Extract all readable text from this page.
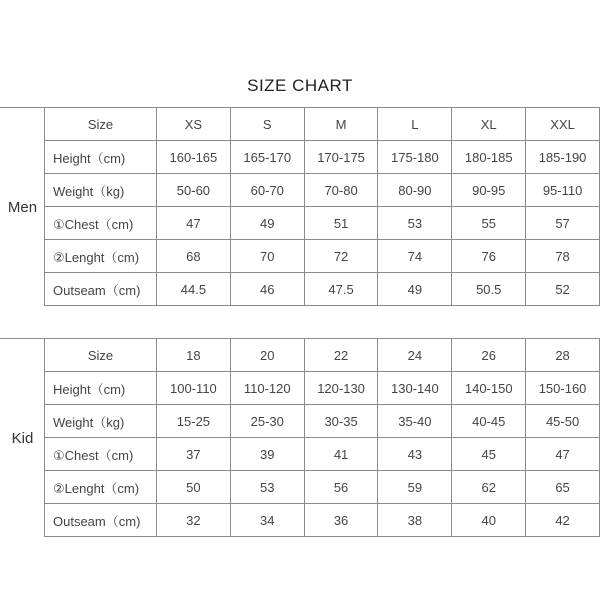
SIZE CHART
Men
Size	XS	S	M	L	XL	XXL
Height（cm)	160-165	165-170	170-175	175-180	180-185	185-190
Weight（kg)	50-60	60-70	70-80	80-90	90-95	95-110
①Chest（cm)	47	49	51	53	55	57
②Lenght（cm)	68	70	72	74	76	78
Outseam（cm)	44.5	46	47.5	49	50.5	52
Kid
Size	18	20	22	24	26	28
Height（cm)	100-110	110-120	120-130	130-140	140-150	150-160
Weight（kg)	15-25	25-30	30-35	35-40	40-45	45-50
①Chest（cm)	37	39	41	43	45	47
②Lenght（cm)	50	53	56	59	62	65
Outseam（cm)	32	34	36	38	40	42
